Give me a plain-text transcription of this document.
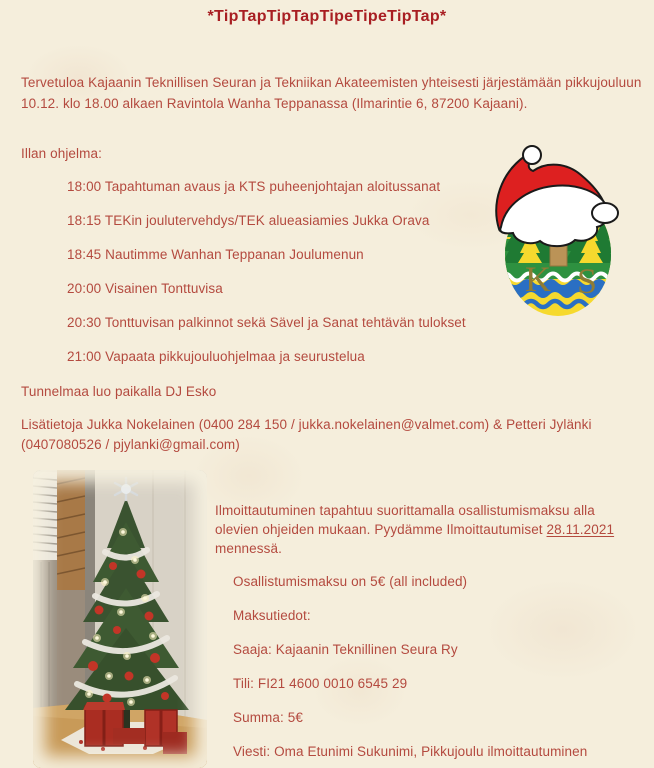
*TipTapTipTapTipeTipeTipTap*
Tervetuloa Kajaanin Teknillisen Seuran ja Tekniikan Akateemisten yhteisesti järjestämään pikkujouluun
10.12. klo 18.00 alkaen Ravintola Wanha Teppanassa (Ilmarintie 6, 87200 Kajaani).
Illan ohjelma:
18:00 Tapahtuman avaus ja KTS puheenjohtajan aloitussanat
18:15 TEKin joulutervehdys/TEK alueasiamies Jukka Orava
18:45 Nautimme Wanhan Teppanan Joulumenun
20:00 Visainen Tonttuvisa
20:30 Tonttuvisan palkinnot sekä Sävel ja Sanat tehtävän tulokset
21:00 Vapaata pikkujouluohjelmaa ja seurustelua
Tunnelmaa luo paikalla DJ Esko
Lisätietoja Jukka Nokelainen (0400 284 150 / jukka.nokelainen@valmet.com) & Petteri Jylänki
(0407080526 / pjylanki@gmail.com)
K S
Ilmoittautuminen tapahtuu suorittamalla osallistumismaksu alla
olevien ohjeiden mukaan. Pyydämme Ilmoittautumiset 28.11.2021
mennessä.
Osallistumismaksu on 5€ (all included)
Maksutiedot:
Saaja: Kajaanin Teknillinen Seura Ry
Tili: FI21 4600 0010 6545 29
Summa: 5€
Viesti: Oma Etunimi Sukunimi, Pikkujoulu ilmoittautuminen
